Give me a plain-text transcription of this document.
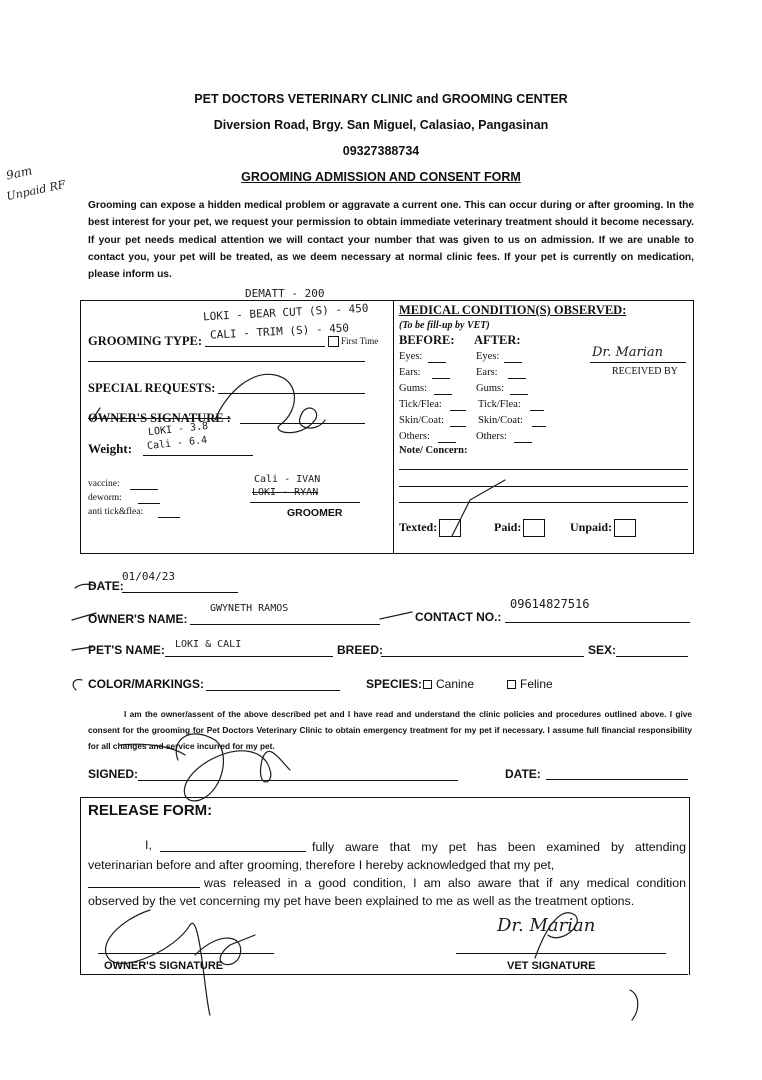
PET DOCTORS VETERINARY CLINIC and GROOMING CENTER
Diversion Road, Brgy. San Miguel, Calasiao, Pangasinan
09327388734
GROOMING ADMISSION AND CONSENT FORM
9am
Unpaid RF
Grooming can expose a hidden medical problem or aggravate a current one. This can occur during or after grooming. In the best interest for your pet, we request your permission to obtain immediate veterinary treatment should it become necessary. If your pet needs medical attention we will contact your number that was given to us on admission. If we are unable to contact you, your pet will be treated, as we deem necessary at normal clinic fees. If your pet is currently on medication, please inform us.
DEMATT - 200
LOKI - BEAR CUT (S) - 450
CALI - TRIM (S) - 450
GROOMING TYPE:	First Time
SPECIAL REQUESTS:
OWNER'S SIGNATURE :
LOKI - 3.8
Cali - 6.4
Weight:
vaccine:
deworm:
anti tick&flea:
Cali - IVAN
LOKI - RYAN
GROOMER
MEDICAL CONDITION(S) OBSERVED:
(To be fill-up by VET)
BEFORE: AFTER:
Eyes:	Eyes:
Ears:	Ears:
Gums:	Gums:
Tick/Flea:	Tick/Flea:
Skin/Coat:	Skin/Coat:
Others:	Others:
Dr. Marian
RECEIVED BY
Note/ Concern:
Texted:	Paid:	Unpaid:
01/04/23
DATE:
GWYNETH RAMOS
OWNER'S NAME:
09614827516
CONTACT NO.:
LOKI & CALI
PET'S NAME:	BREED:	SEX:
COLOR/MARKINGS:	SPECIES:	Canine	Feline
I am the owner/assent of the above described pet and I have read and understand the clinic policies and procedures outlined above. I give consent for the grooming for Pet Doctors Veterinary Clinic to obtain emergency treatment for my pet if necessary. I assume full financial responsibility for all changes and service incurred for my pet.
SIGNED:	DATE:
RELEASE FORM:
I,	fully aware that my pet has been examined by attending veterinarian before and after grooming, therefore I hereby acknowledged that my pet,
was released in a good condition, I am also aware that if any medical condition observed by the vet concerning my pet have been explained to me as well as the treatment options.
Dr. Marian
OWNER'S SIGNATURE	VET SIGNATURE
